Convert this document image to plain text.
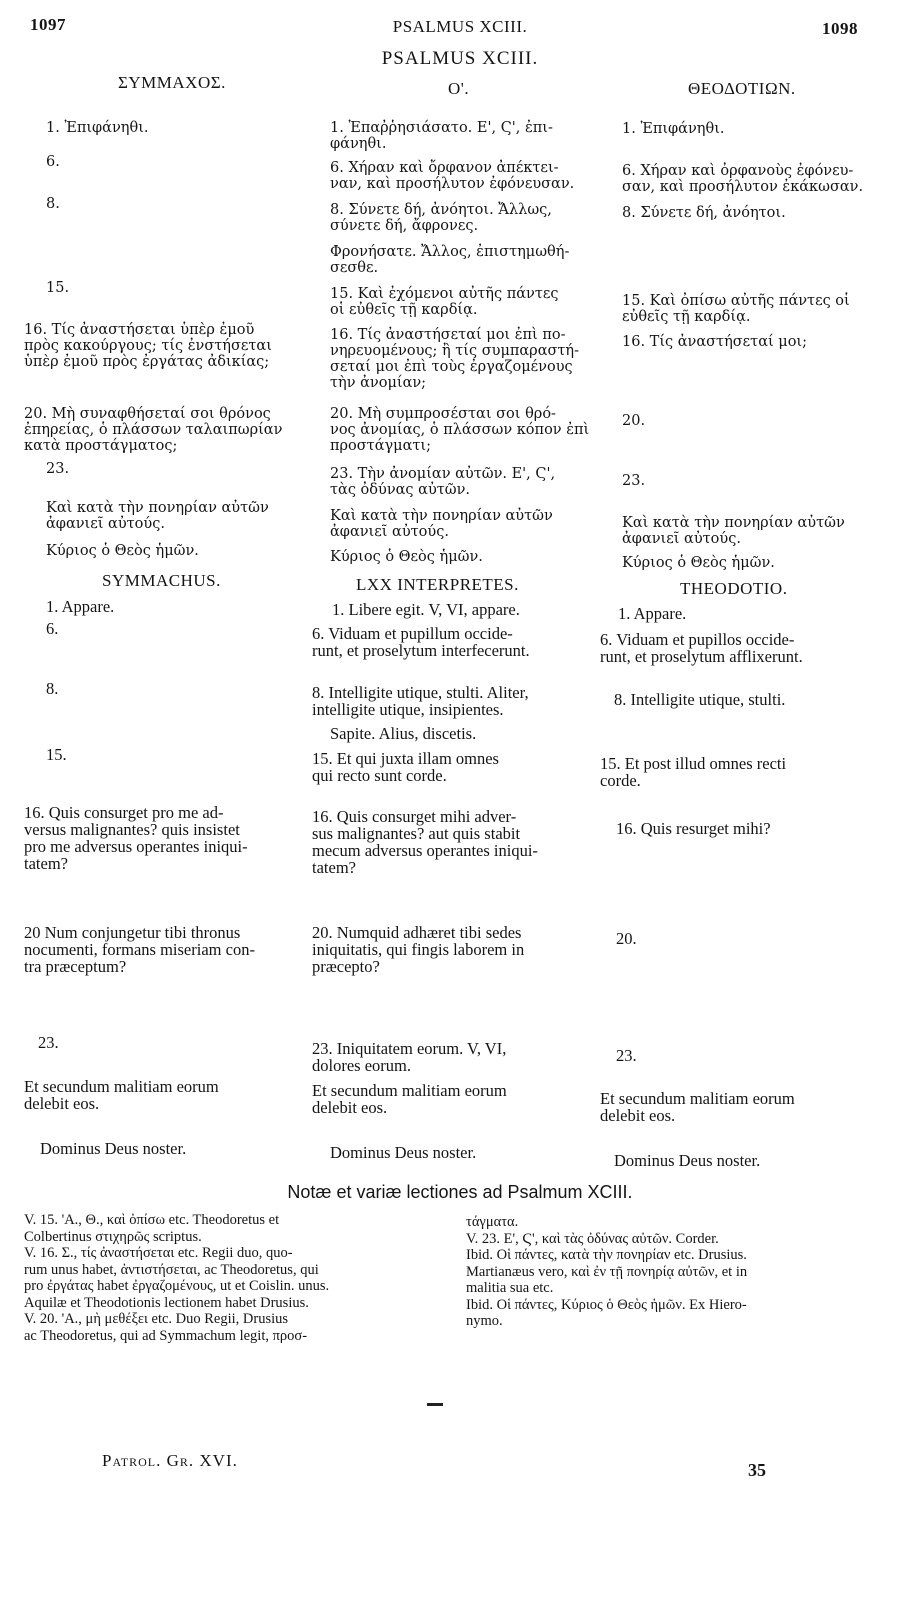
1097	PSALMUS XCIII.	1098
PSALMUS XCIII.
ΣΥΜΜΑΧΟΣ.
1. Ἐπιφάνηθι.
6.
8.
15.
16. Τίς ἀναστήσεται ὑπὲρ ἐμοῦ
πρὸς κακούργους; τίς ἐνστήσεται
ὑπὲρ ἐμοῦ πρὸς ἐργάτας ἀδικίας;
20. Μὴ συναφθήσεταί σοι θρόνος
ἐπηρείας, ὁ πλάσσων ταλαιπωρίαν
κατὰ προστάγματος;
23.
Καὶ κατὰ τὴν πονηρίαν αὐτῶν
ἀφανιεῖ αὐτούς.
Κύριος ὁ Θεὸς ἡμῶν.
Ο'.
1. Ἐπαῤῥησιάσατο. Ε', Ϛ', ἐπι-
φάνηθι.
6. Χήραν καὶ ὄρφανον ἀπέκτει-
ναν, καὶ προσήλυτον ἐφόνευσαν.
8. Σύνετε δή, ἀνόητοι. Ἄλλως,
σύνετε δή, ἄφρονες.
Φρονήσατε. Ἄλλος, ἐπιστημωθή-
σεσθε.
15. Καὶ ἐχόμενοι αὐτῆς πάντες
οἱ εὐθεῖς τῇ καρδίᾳ.
16. Τίς ἀναστήσεταί μοι ἐπὶ πο-
νηρευομένους; ἢ τίς συμπαραστή-
σεταί μοι ἐπὶ τοὺς ἐργαζομένους
τὴν ἀνομίαν;
20. Μὴ συμπροσέσται σοι θρό-
νος ἀνομίας, ὁ πλάσσων κόπον ἐπὶ
προστάγματι;
23. Τὴν ἀνομίαν αὐτῶν. Ε', Ϛ',
τὰς ὀδύνας αὐτῶν.
Καὶ κατὰ τὴν πονηρίαν αὐτῶν
ἀφανιεῖ αὐτούς.
Κύριος ὁ Θεὸς ἡμῶν.
ΘΕΟΔΟΤΙΩΝ.
1. Ἐπιφάνηθι.
6. Χήραν καὶ ὀρφανοὺς ἐφόνευ-
σαν, καὶ προσήλυτον ἐκάκωσαν.
8. Σύνετε δή, ἀνόητοι.
15. Καὶ ὀπίσω αὐτῆς πάντες οἱ
εὐθεῖς τῇ καρδίᾳ.
16. Τίς ἀναστήσεταί μοι;
20.
23.
Καὶ κατὰ τὴν πονηρίαν αὐτῶν
ἀφανιεῖ αὐτούς.
Κύριος ὁ Θεὸς ἡμῶν.
SYMMACHUS.
1. Appare.
6.
8.
15.
16. Quis consurget pro me ad-
versus malignantes? quis insistet
pro me adversus operantes iniqui-
tatem?
20 Num conjungetur tibi thronus
nocumenti, formans miseriam con-
tra præceptum?
23.
Et secundum malitiam eorum
delebit eos.
Dominus Deus noster.
LXX INTERPRETES.
1. Libere egit. V, VI, appare.
6. Viduam et pupillum occide-
runt, et proselytum interfecerunt.
8. Intelligite utique, stulti. Aliter,
intelligite utique, insipientes.
Sapite. Alius, discetis.
15. Et qui juxta illam omnes
qui recto sunt corde.
16. Quis consurget mihi adver-
sus malignantes? aut quis stabit
mecum adversus operantes iniqui-
tatem?
20. Numquid adhæret tibi sedes
iniquitatis, qui fingis laborem in
præcepto?
23. Iniquitatem eorum. V, VI,
dolores eorum.
Et secundum malitiam eorum
delebit eos.
Dominus Deus noster.
THEODOTIO.
1. Appare.
6. Viduam et pupillos occide-
runt, et proselytum afflixerunt.
8. Intelligite utique, stulti.
15. Et post illud omnes recti
corde.
16. Quis resurget mihi?
20.
23.
Et secundum malitiam eorum
delebit eos.
Dominus Deus noster.
Notæ et variæ lectiones ad Psalmum XCIII.
V. 15. 'Α., Θ., καὶ ὀπίσω etc. Theodoretus et
Colbertinus στιχηρῶς scriptus.
V. 16. Σ., τίς ἀναστήσεται etc. Regii duo, quo-
rum unus habet, ἀντιστήσεται, ac Theodoretus, qui
pro ἐργάτας habet ἐργαζομένους, ut et Coislin. unus.
Aquilæ et Theodotionis lectionem habet Drusius.
V. 20. 'Α., μὴ μεθέξει etc. Duo Regii, Drusius
ac Theodoretus, qui ad Symmachum legit, προσ-
τάγματα.
V. 23. Ε', Ϛ', καὶ τὰς ὀδύνας αὐτῶν. Corder.
Ibid. Οἱ πάντες, κατὰ τὴν πονηρίαν etc. Drusius.
Martianæus vero, καὶ ἐν τῇ πονηρίᾳ αὐτῶν, et in
malitia sua etc.
Ibid. Οἱ πάντες, Κύριος ὁ Θεὸς ἡμῶν. Ex Hiero-
nymo.
Patrol. Gr. XVI.	35
